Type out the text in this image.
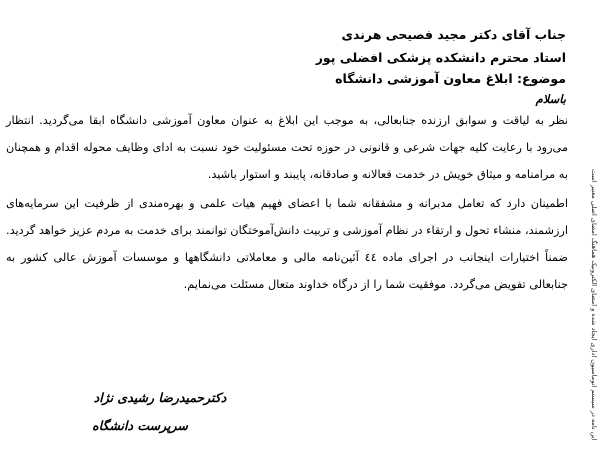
جناب آقای دکتر مجید فصیحی هرندی

استاد محترم دانشکده پزشکی افضلی پور

موضوع: ابلاغ معاون آموزشی دانشگاه

باسلام

نظر به لیاقت و سوابق ارزنده جنابعالی، به موجب این ابلاغ به عنوان معاون آموزشی دانشگاه ابقا می‌گردید. انتظار می‌رود با رعایت کلیه جهات شرعی و قانونی در حوزه تحت مسئولیت خود نسبت به ادای وظایف محوله اقدام و همچنان به مرامنامه و میثاق خویش در خدمت فعالانه و صادقانه، پایبند و استوار باشید.

اطمینان دارد که تعامل مدبرانه و مشفقانه شما با اعضای فهیم هیات علمی و بهره‌مندی از ظرفیت این سرمایه‌های ارزشمند، منشاء تحول و ارتقاء در نظام آموزشی و تربیت دانش‌آموختگان توانمند برای خدمت به مردم عزیز خواهد گردید. ضمناً اختیارات اینجانب در اجرای ماده ٤٤ آئین‌نامه مالی و معاملاتی دانشگاهها و موسسات آموزش عالی کشور به جنابعالی تفویض می‌گردد. موفقیت شما را از درگاه خداوند متعال مسئلت می‌نمایم.

دکترحمیدرضا رشیدی نژاد

سرپرست دانشگاه	این نامه در سیستم اتوماسیون اداری ایجاد شده و امضای الکترونیک هماهنگ امضای اصلی معتبر است
